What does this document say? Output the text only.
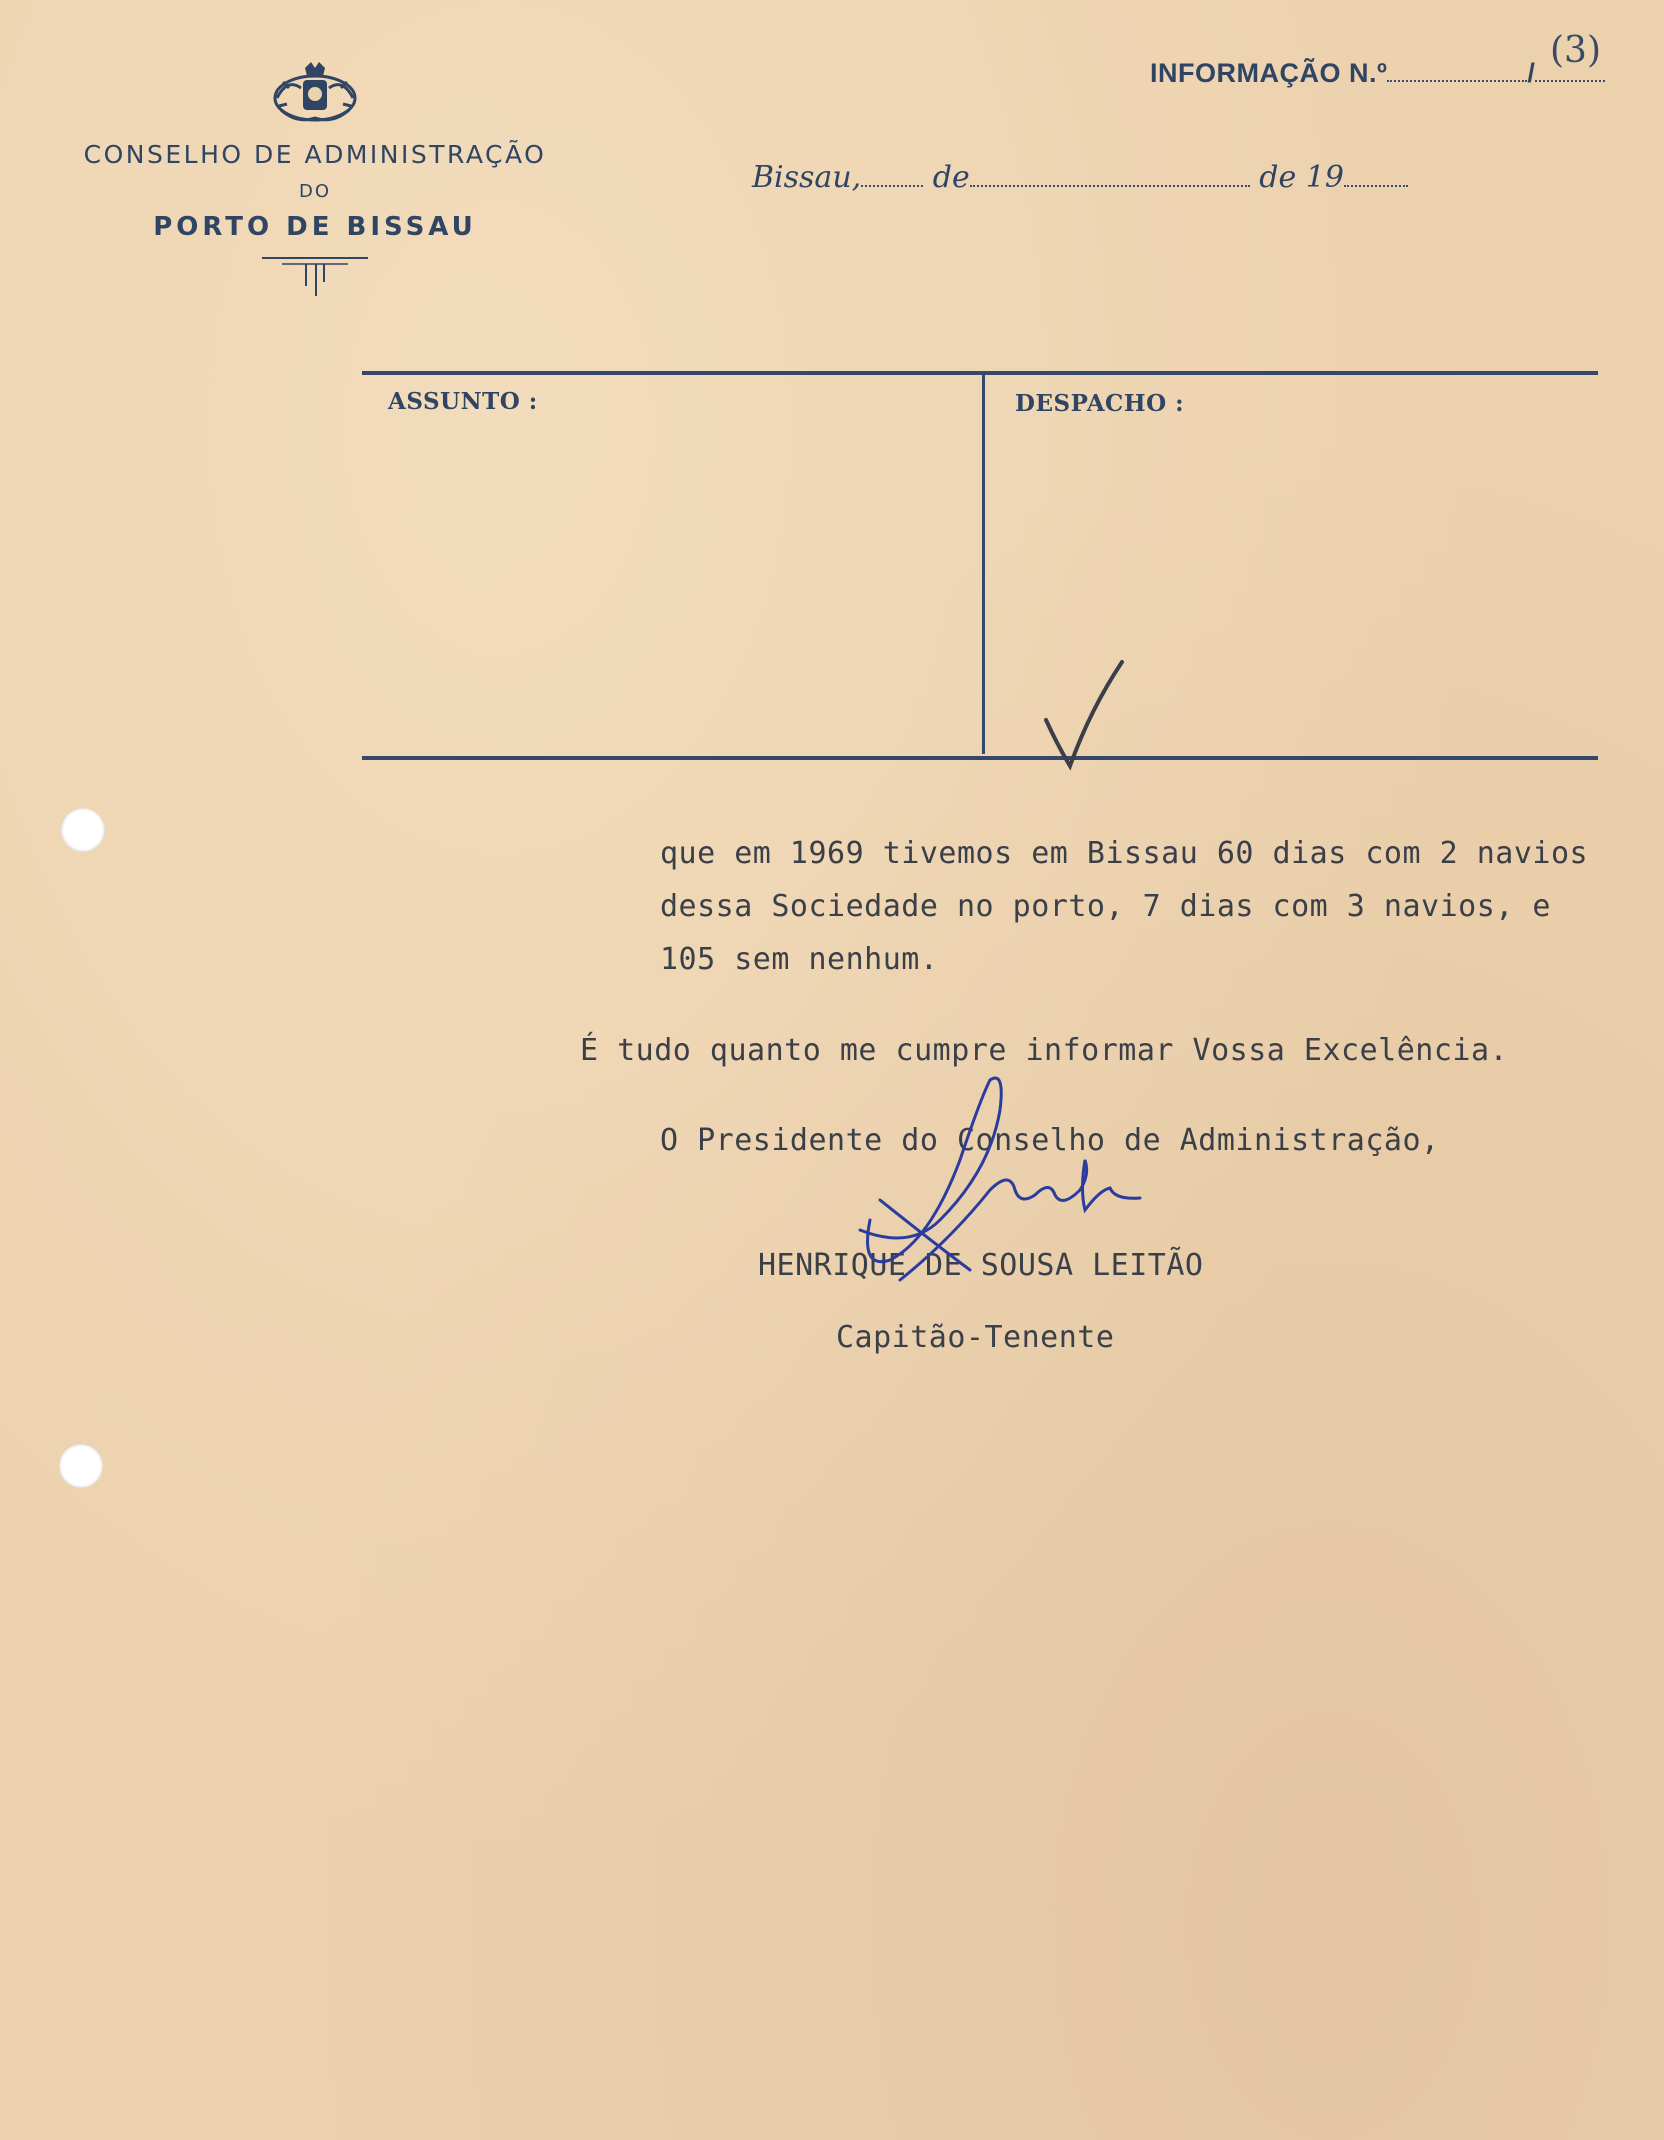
CONSELHO DE ADMINISTRAÇÃO
DO
PORTO DE BISSAU
INFORMAÇÃO N.º	/
(3)
Bissau, de	de 19
ASSUNTO :	DESPACHO :
que em 1969 tivemos em Bissau 60 dias com 2 navios
dessa Sociedade no porto, 7 dias com 3 navios, e
105 sem nenhum.
É tudo quanto me cumpre informar Vossa Excelência.
O Presidente do Conselho de Administração,
HENRIQUE DE SOUSA LEITÃO
Capitão-Tenente
